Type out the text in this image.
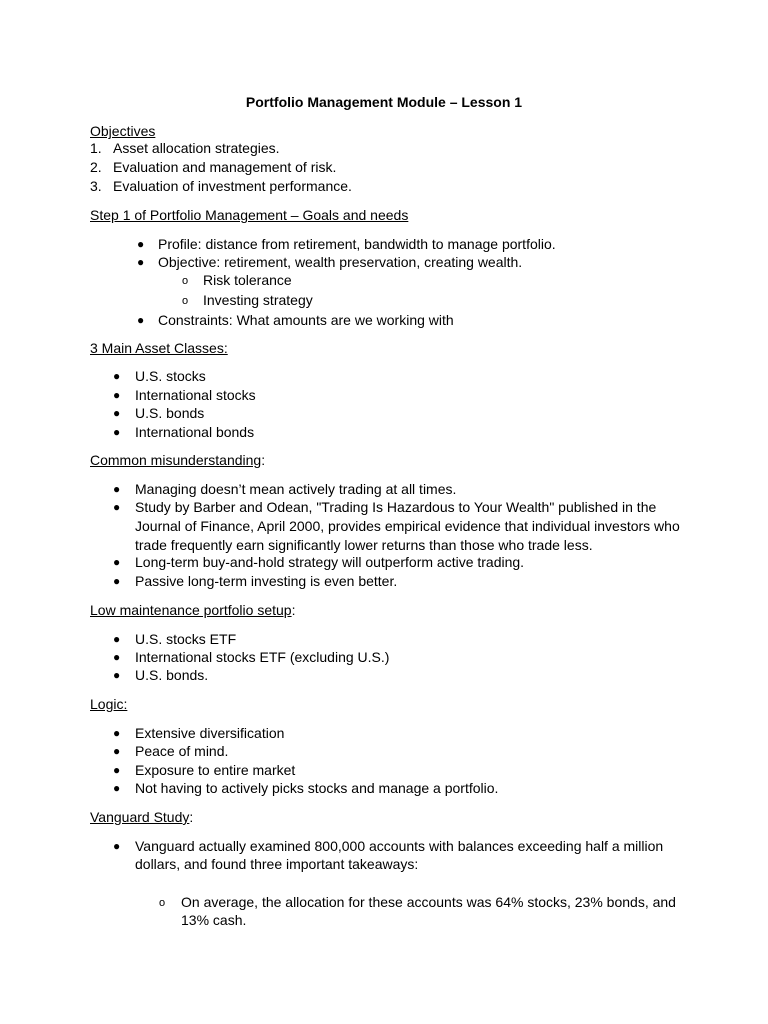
Portfolio Management Module – Lesson 1
Objectives
1. Asset allocation strategies.
2. Evaluation and management of risk.
3. Evaluation of investment performance.
Step 1 of Portfolio Management – Goals and needs
● Profile: distance from retirement, bandwidth to manage portfolio.
● Objective: retirement, wealth preservation, creating wealth.
o Risk tolerance
o Investing strategy
● Constraints: What amounts are we working with
3 Main Asset Classes:
● U.S. stocks
● International stocks
● U.S. bonds
● International bonds
Common misunderstanding:
● Managing doesn’t mean actively trading at all times.
● Study by Barber and Odean, "Trading Is Hazardous to Your Wealth" published in the
Journal of Finance, April 2000, provides empirical evidence that individual investors who
trade frequently earn significantly lower returns than those who trade less.
● Long-term buy-and-hold strategy will outperform active trading.
● Passive long-term investing is even better.
Low maintenance portfolio setup:
● U.S. stocks ETF
● International stocks ETF (excluding U.S.)
● U.S. bonds.
Logic:
● Extensive diversification
● Peace of mind.
● Exposure to entire market
● Not having to actively picks stocks and manage a portfolio.
Vanguard Study:
● Vanguard actually examined 800,000 accounts with balances exceeding half a million
dollars, and found three important takeaways:
o On average, the allocation for these accounts was 64% stocks, 23% bonds, and
13% cash.
